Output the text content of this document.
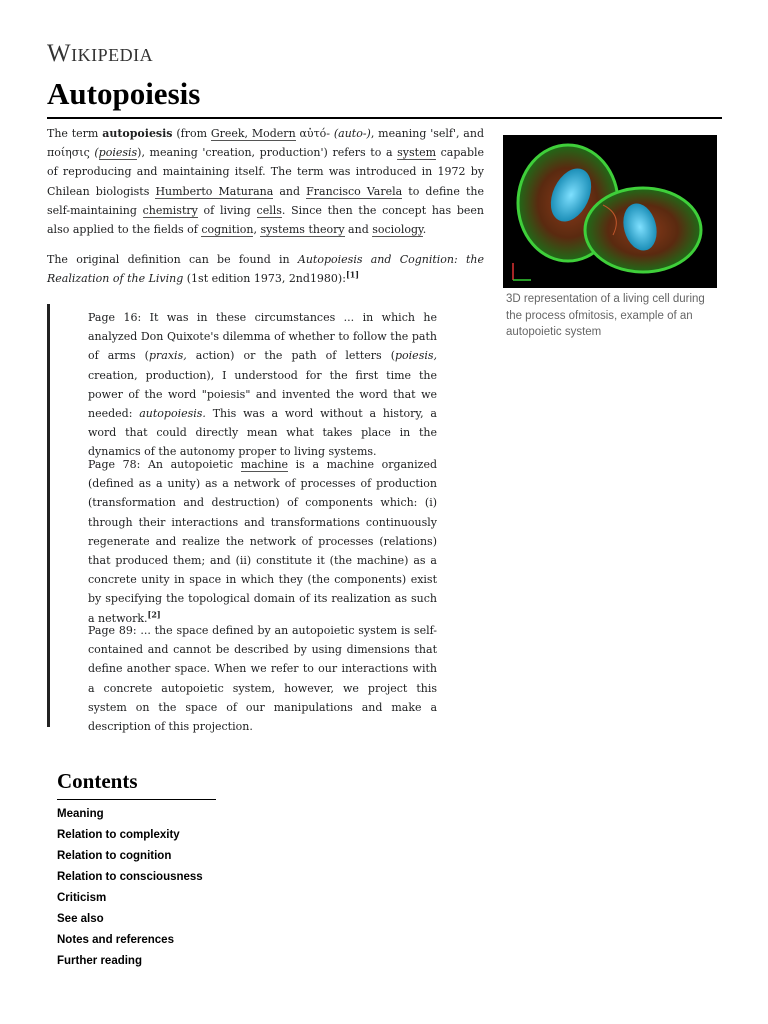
Wikipedia
Autopoiesis

The term autopoiesis (from Greek, Modern αὐτό- (auto-), meaning 'self', and ποίησις (poiesis), meaning 'creation, production') refers to a system capable of reproducing and maintaining itself. The term was introduced in 1972 by Chilean biologists Humberto Maturana and Francisco Varela to define the self-maintaining chemistry of living cells. Since then the concept has been also applied to the fields of cognition, systems theory and sociology.

The original definition can be found in Autopoiesis and Cognition: the Realization of the Living (1st edition 1973, 2nd1980):[1]

3D representation of a living cell during the process ofmitosis, example of an autopoietic system

Page 16: It was in these circumstances ... in which he analyzed Don Quixote's dilemma of whether to follow the path of arms (praxis, action) or the path of letters (poiesis, creation, production), I understood for the first time the power of the word "poiesis" and invented the word that we needed: autopoiesis. This was a word without a history, a word that could directly mean what takes place in the dynamics of the autonomy proper to living systems.

Page 78: An autopoietic machine is a machine organized (defined as a unity) as a network of processes of production (transformation and destruction) of components which: (i) through their interactions and transformations continuously regenerate and realize the network of processes (relations) that produced them; and (ii) constitute it (the machine) as a concrete unity in space in which they (the components) exist by specifying the topological domain of its realization as such a network.[2]

Page 89: ... the space defined by an autopoietic system is self-contained and cannot be described by using dimensions that define another space. When we refer to our interactions with a concrete autopoietic system, however, we project this system on the space of our manipulations and make a description of this projection.

Contents
Meaning
Relation to complexity
Relation to cognition
Relation to consciousness
Criticism
See also
Notes and references
Further reading
